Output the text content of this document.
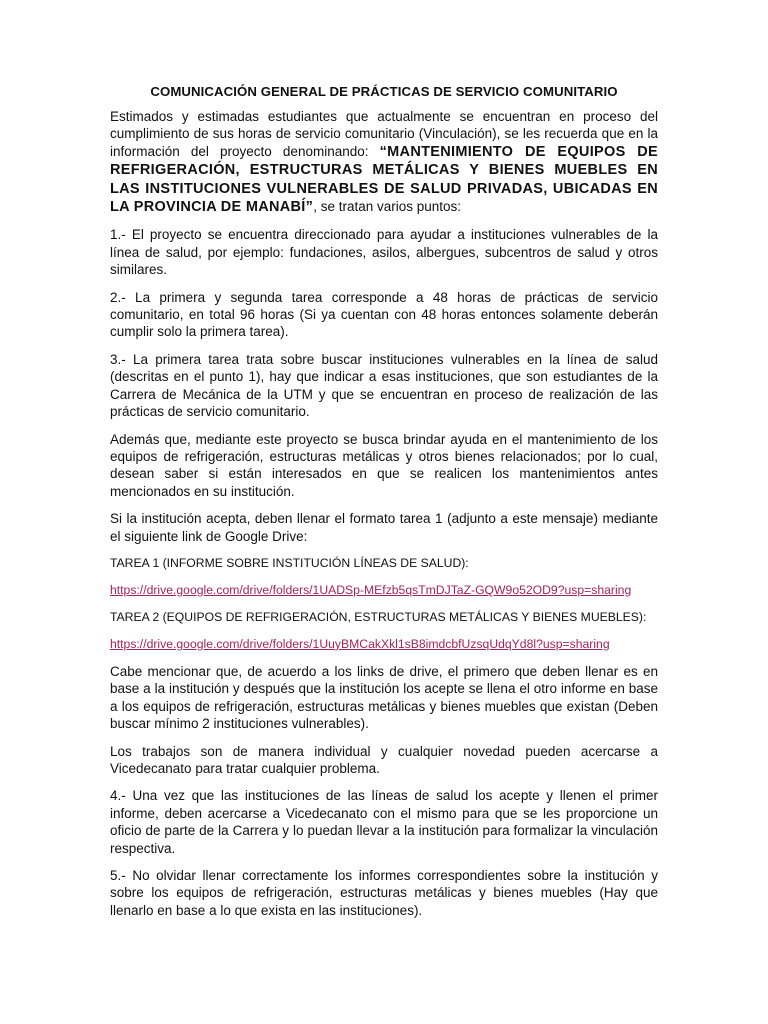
COMUNICACIÓN GENERAL DE PRÁCTICAS DE SERVICIO COMUNITARIO

Estimados y estimadas estudiantes que actualmente se encuentran en proceso del cumplimiento de sus horas de servicio comunitario (Vinculación), se les recuerda que en la información del proyecto denominando: “MANTENIMIENTO DE EQUIPOS DE REFRIGERACIÓN, ESTRUCTURAS METÁLICAS Y BIENES MUEBLES EN LAS INSTITUCIONES VULNERABLES DE SALUD PRIVADAS, UBICADAS EN LA PROVINCIA DE MANABÍ”, se tratan varios puntos:

1.- El proyecto se encuentra direccionado para ayudar a instituciones vulnerables de la línea de salud, por ejemplo: fundaciones, asilos, albergues, subcentros de salud y otros similares.

2.- La primera y segunda tarea corresponde a 48 horas de prácticas de servicio comunitario, en total 96 horas (Si ya cuentan con 48 horas entonces solamente deberán cumplir solo la primera tarea).

3.- La primera tarea trata sobre buscar instituciones vulnerables en la línea de salud (descritas en el punto 1), hay que indicar a esas instituciones, que son estudiantes de la Carrera de Mecánica de la UTM y que se encuentran en proceso de realización de las prácticas de servicio comunitario.

Además que, mediante este proyecto se busca brindar ayuda en el mantenimiento de los equipos de refrigeración, estructuras metálicas y otros bienes relacionados; por lo cual, desean saber si están interesados en que se realicen los mantenimientos antes mencionados en su institución.

Si la institución acepta, deben llenar el formato tarea 1 (adjunto a este mensaje) mediante el siguiente link de Google Drive:

TAREA 1 (INFORME SOBRE INSTITUCIÓN LÍNEAS DE SALUD):
https://drive.google.com/drive/folders/1UADSp-MEfzb5qsTmDJTaZ-GQW9o52OD9?usp=sharing
TAREA 2 (EQUIPOS DE REFRIGERACIÓN, ESTRUCTURAS METÁLICAS Y BIENES MUEBLES):
https://drive.google.com/drive/folders/1UuyBMCakXkl1sB8imdcbfUzsqUdqYd8l?usp=sharing

Cabe mencionar que, de acuerdo a los links de drive, el primero que deben llenar es en base a la institución y después que la institución los acepte se llena el otro informe en base a los equipos de refrigeración, estructuras metálicas y bienes muebles que existan (Deben buscar mínimo 2 instituciones vulnerables).

Los trabajos son de manera individual y cualquier novedad pueden acercarse a Vicedecanato para tratar cualquier problema.

4.- Una vez que las instituciones de las líneas de salud los acepte y llenen el primer informe, deben acercarse a Vicedecanato con el mismo para que se les proporcione un oficio de parte de la Carrera y lo puedan llevar a la institución para formalizar la vinculación respectiva.

5.- No olvidar llenar correctamente los informes correspondientes sobre la institución y sobre los equipos de refrigeración, estructuras metálicas y bienes muebles (Hay que llenarlo en base a lo que exista en las instituciones).
